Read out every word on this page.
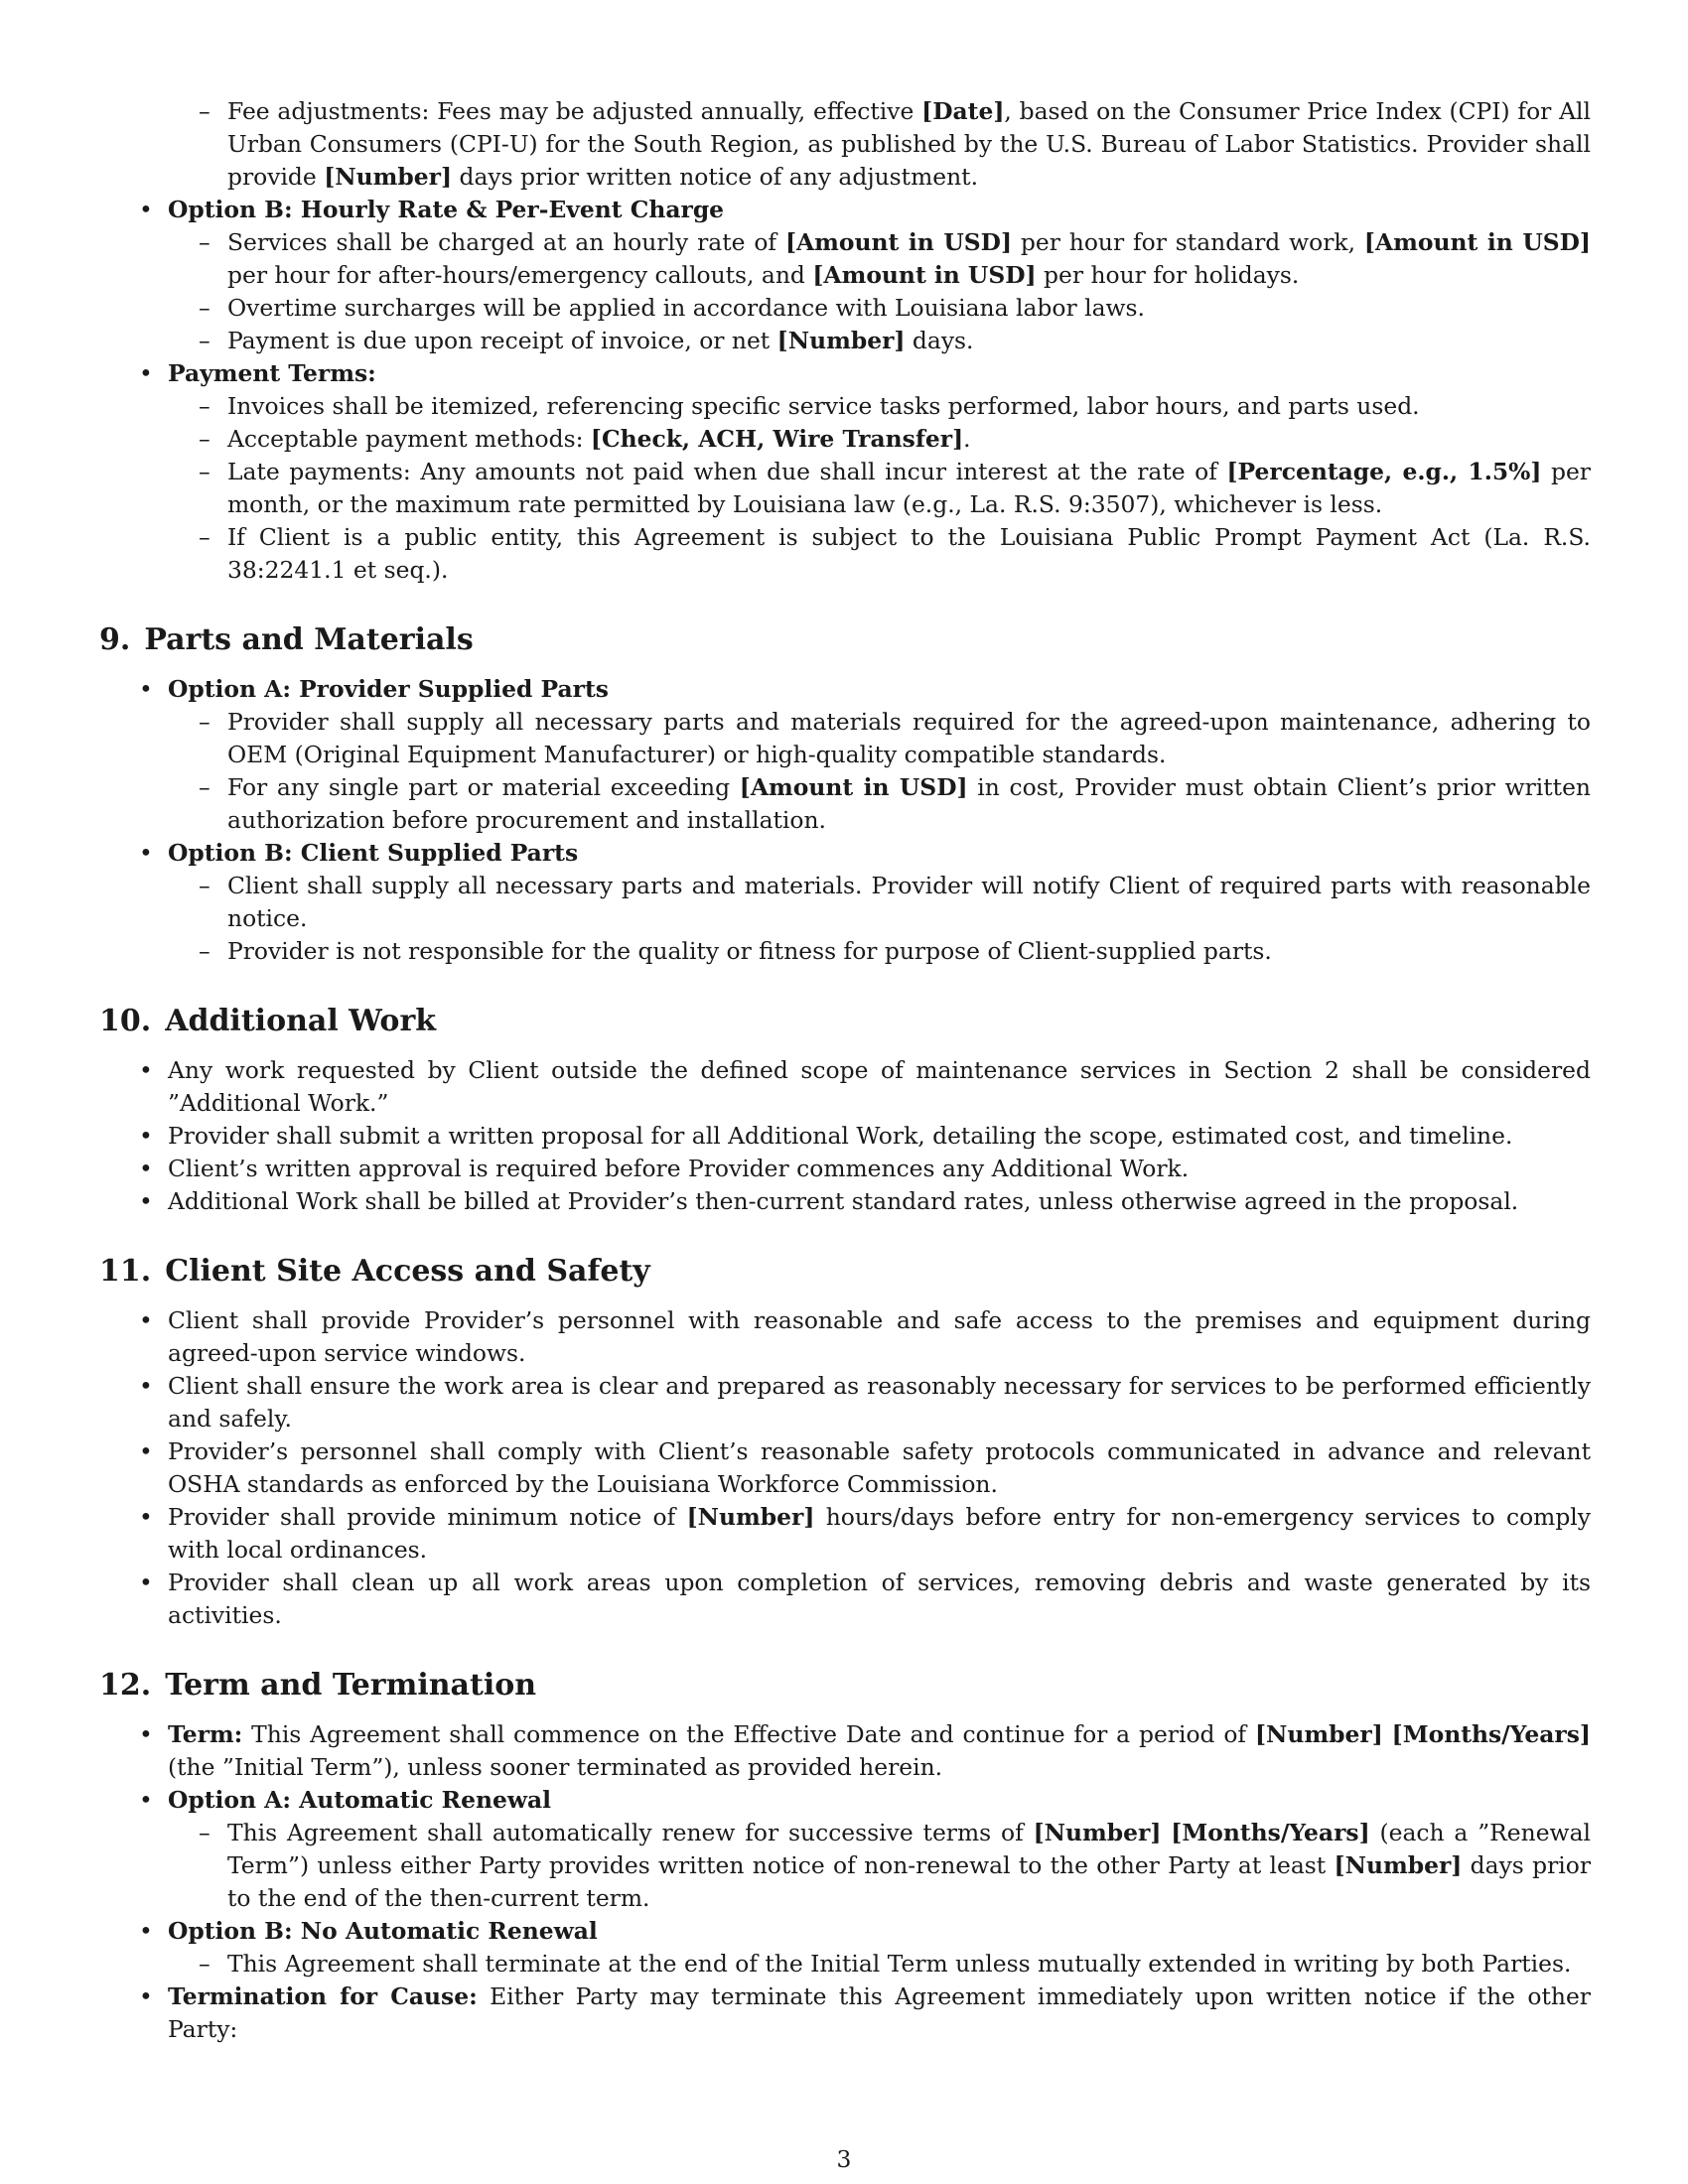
– Fee adjustments: Fees may be adjusted annually, effective [Date], based on the Consumer Price Index (CPI) for All Urban Consumers (CPI-U) for the South Region, as published by the U.S. Bureau of Labor Statistics. Provider shall provide [Number] days prior written notice of any adjustment.
• Option B: Hourly Rate & Per-Event Charge
– Services shall be charged at an hourly rate of [Amount in USD] per hour for standard work, [Amount in USD] per hour for after-hours/emergency callouts, and [Amount in USD] per hour for holidays.
– Overtime surcharges will be applied in accordance with Louisiana labor laws.
– Payment is due upon receipt of invoice, or net [Number] days.
• Payment Terms:
– Invoices shall be itemized, referencing specific service tasks performed, labor hours, and parts used.
– Acceptable payment methods: [Check, ACH, Wire Transfer].
– Late payments: Any amounts not paid when due shall incur interest at the rate of [Percentage, e.g., 1.5%] per month, or the maximum rate permitted by Louisiana law (e.g., La. R.S. 9:3507), whichever is less.
– If Client is a public entity, this Agreement is subject to the Louisiana Public Prompt Payment Act (La. R.S. 38:2241.1 et seq.).
9. Parts and Materials
• Option A: Provider Supplied Parts
– Provider shall supply all necessary parts and materials required for the agreed-upon maintenance, adhering to OEM (Original Equipment Manufacturer) or high-quality compatible standards.
– For any single part or material exceeding [Amount in USD] in cost, Provider must obtain Client’s prior written authorization before procurement and installation.
• Option B: Client Supplied Parts
– Client shall supply all necessary parts and materials. Provider will notify Client of required parts with reasonable notice.
– Provider is not responsible for the quality or fitness for purpose of Client-supplied parts.
10. Additional Work
• Any work requested by Client outside the defined scope of maintenance services in Section 2 shall be considered ”Additional Work.”
• Provider shall submit a written proposal for all Additional Work, detailing the scope, estimated cost, and timeline.
• Client’s written approval is required before Provider commences any Additional Work.
• Additional Work shall be billed at Provider’s then-current standard rates, unless otherwise agreed in the proposal.
11. Client Site Access and Safety
• Client shall provide Provider’s personnel with reasonable and safe access to the premises and equipment during agreed-upon service windows.
• Client shall ensure the work area is clear and prepared as reasonably necessary for services to be performed efficiently and safely.
• Provider’s personnel shall comply with Client’s reasonable safety protocols communicated in advance and relevant OSHA standards as enforced by the Louisiana Workforce Commission.
• Provider shall provide minimum notice of [Number] hours/days before entry for non-emergency services to comply with local ordinances.
• Provider shall clean up all work areas upon completion of services, removing debris and waste generated by its activities.
12. Term and Termination
• Term: This Agreement shall commence on the Effective Date and continue for a period of [Number] [Months/Years] (the ”Initial Term”), unless sooner terminated as provided herein.
• Option A: Automatic Renewal
– This Agreement shall automatically renew for successive terms of [Number] [Months/Years] (each a ”Renewal Term”) unless either Party provides written notice of non-renewal to the other Party at least [Number] days prior to the end of the then-current term.
• Option B: No Automatic Renewal
– This Agreement shall terminate at the end of the Initial Term unless mutually extended in writing by both Parties.
• Termination for Cause: Either Party may terminate this Agreement immediately upon written notice if the other Party:
3
